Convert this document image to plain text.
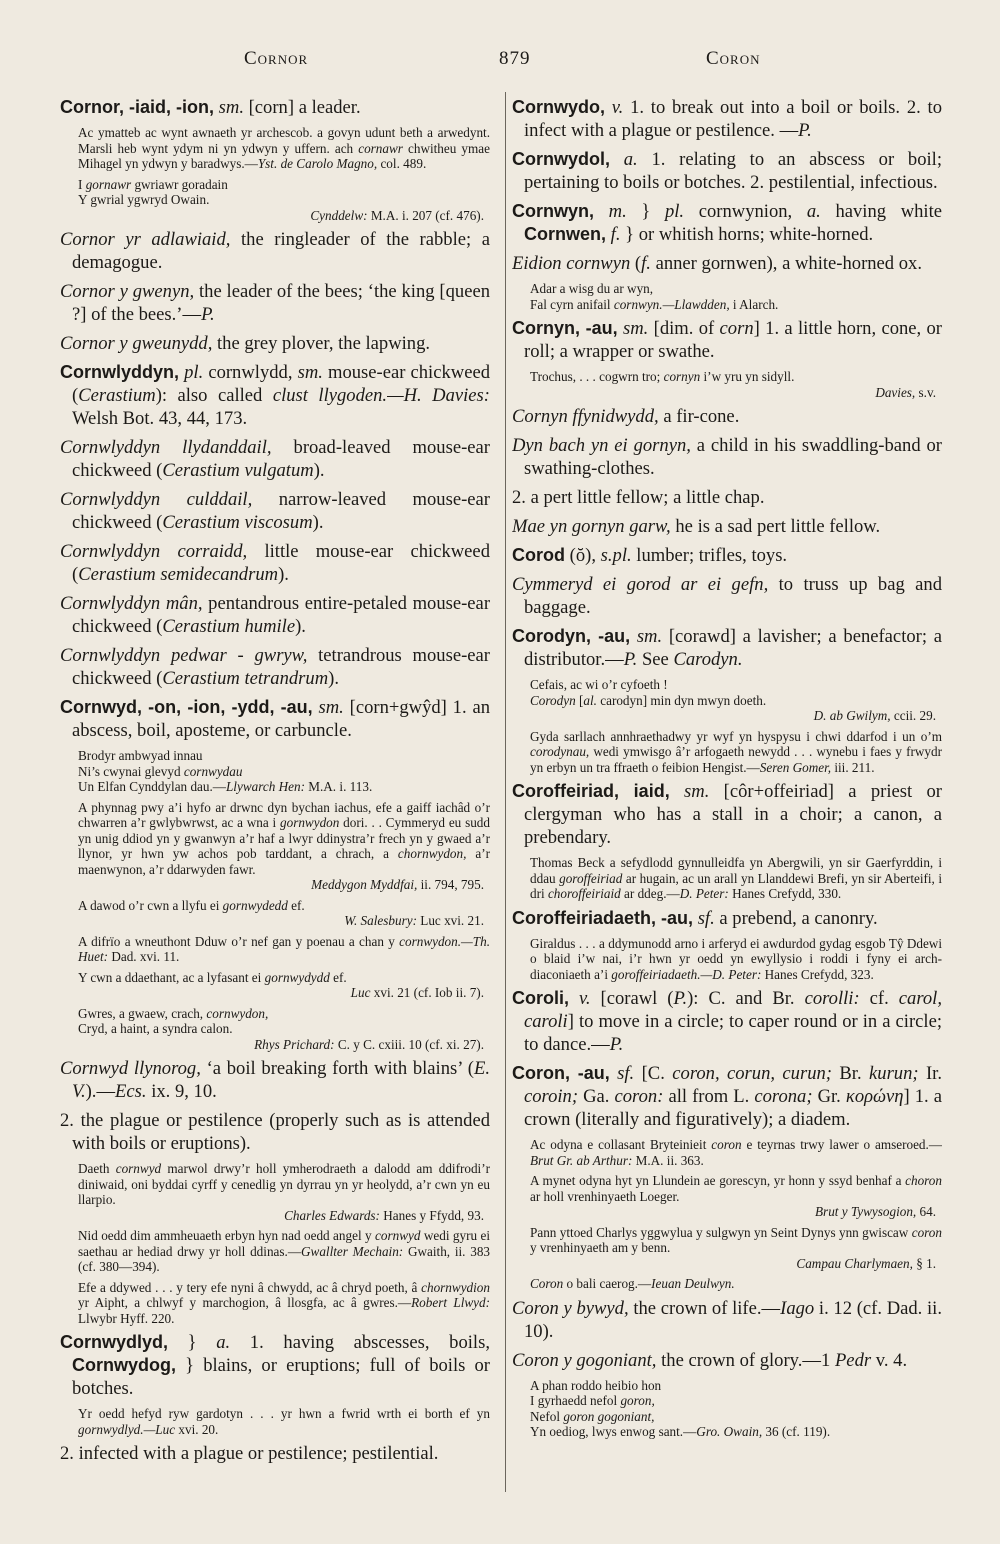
Cornor	879	Coron

Cornor, -iaid, -ion, sm. [corn] a leader.

Ac ymatteb ac wynt awnaeth yr archescob. a govyn udunt beth a arwedynt. Marsli heb wynt ydym ni yn ydwyn y uffern. ach cornawr chwitheu ymae Mihagel yn ydwyn y baradwys.—Yst. de Carolo Magno, col. 489.

I gornawr gwriawr goradain
Y gwrial ygwryd Owain.
Cynddelw: M.A. i. 207 (cf. 476).

Cornor yr adlawiaid, the ringleader of the rabble; a demagogue.

Cornor y gwenyn, the leader of the bees; ‘the king [queen ?] of the bees.’—P.

Cornor y gweunydd, the grey plover, the lapwing.

Cornwlyddyn, pl. cornwlydd, sm. mouse-ear chickweed (Cerastium): also called clust llygoden.—H. Davies: Welsh Bot. 43, 44, 173.

Cornwlyddyn llydanddail, broad-leaved mouse-ear chickweed (Cerastium vulgatum).

Cornwlyddyn culddail, narrow-leaved mouse-ear chickweed (Cerastium viscosum).

Cornwlyddyn corraidd, little mouse-ear chickweed (Cerastium semidecandrum).

Cornwlyddyn mân, pentandrous entire-petaled mouse-ear chickweed (Cerastium humile).

Cornwlyddyn pedwar - gwryw, tetrandrous mouse-ear chickweed (Cerastium tetrandrum).

Cornwyd, -on, -ion, -ydd, -au, sm. [corn+gwŷd] 1. an abscess, boil, aposteme, or carbuncle.

Brodyr ambwyad innau
Ni’s cwynai glevyd cornwydau
Un Elfan Cynddylan dau.—Llywarch Hen: M.A. i. 113.

A phynnag pwy a’i hyfo ar drwnc dyn bychan iachus, efe a gaiff iachâd o’r chwarren a’r gwlybwrwst, ac a wna i gornwydon dori. . . Cymmeryd eu sudd yn unig ddiod yn y gwanwyn a’r haf a lwyr ddinystra’r frech yn y gwaed a’r llynor, yr hwn yw achos pob tarddant, a chrach, a chornwydon, a’r maenwynon, a’r ddarwyden fawr.
Meddygon Myddfai, ii. 794, 795.

A dawod o’r cwn a llyfu ei gornwydedd ef.
W. Salesbury: Luc xvi. 21.

A difrïo a wneuthont Dduw o’r nef gan y poenau a chan y cornwydon.—Th. Huet: Dad. xvi. 11.

Y cwn a ddaethant, ac a lyfasant ei gornwydydd ef.
Luc xvi. 21 (cf. Iob ii. 7).

Gwres, a gwaew, crach, cornwydon,
Cryd, a haint, a syndra calon.
Rhys Prichard: C. y C. cxiii. 10 (cf. xi. 27).

Cornwyd llynorog, ‘a boil breaking forth with blains’ (E. V.).—Ecs. ix. 9, 10.

2. the plague or pestilence (properly such as is attended with boils or eruptions).

Daeth cornwyd marwol drwy’r holl ymherodraeth a dalodd am ddifrodi’r diniwaid, oni byddai cyrff y cenedlig yn dyrrau yn yr heolydd, a’r cwn yn eu llarpio.
Charles Edwards: Hanes y Ffydd, 93.

Nid oedd dim ammheuaeth erbyn hyn nad oedd angel y cornwyd wedi gyru ei saethau ar hediad drwy yr holl ddinas.—Gwallter Mechain: Gwaith, ii. 383 (cf. 380—394).

Efe a ddywed . . . y tery efe nyni â chwydd, ac â chryd poeth, â chornwydion yr Aipht, a chlwyf y marchogion, â llosgfa, ac â gwres.—Robert Llwyd: Llwybr Hyff. 220.

Cornwydlyd, } a. 1. having abscesses, boils, Cornwydog, } blains, or eruptions; full of boils or botches.

Yr oedd hefyd ryw gardotyn . . . yr hwn a fwrid wrth ei borth ef yn gornwydlyd.—Luc xvi. 20.

2. infected with a plague or pestilence; pestilential.

Cornwydo, v. 1. to break out into a boil or boils. 2. to infect with a plague or pestilence. —P.

Cornwydol, a. 1. relating to an abscess or boil; pertaining to boils or botches. 2. pestilential, infectious.

Cornwyn, m. } pl. cornwynion, a. having white Cornwen, f. } or whitish horns; white-horned.

Eidion cornwyn (f. anner gornwen), a white-horned ox.

Adar a wisg du ar wyn,
Fal cyrn anifail cornwyn.—Llawdden, i Alarch.

Cornyn, -au, sm. [dim. of corn] 1. a little horn, cone, or roll; a wrapper or swathe.

Trochus, . . . cogwrn tro; cornyn i’w yru yn sidyll.
Davies, s.v.

Cornyn ffynidwydd, a fir-cone.

Dyn bach yn ei gornyn, a child in his swaddling-band or swathing-clothes.

2. a pert little fellow; a little chap.

Mae yn gornyn garw, he is a sad pert little fellow.

Corod (ŏ), s.pl. lumber; trifles, toys.

Cymmeryd ei gorod ar ei gefn, to truss up bag and baggage.

Corodyn, -au, sm. [corawd] a lavisher; a benefactor; a distributor.—P. See Carodyn.

Cefais, ac wi o’r cyfoeth !
Corodyn [al. carodyn] min dyn mwyn doeth.
D. ab Gwilym, ccii. 29.

Gyda sarllach annhraethadwy yr wyf yn hyspysu i chwi ddarfod i un o’m corodynau, wedi ymwisgo â’r arfogaeth newydd . . . wynebu i faes y frwydr yn erbyn un tra ffraeth o feibion Hengist.—Seren Gomer, iii. 211.

Coroffeiriad, iaid, sm. [côr+offeiriad] a priest or clergyman who has a stall in a choir; a canon, a prebendary.

Thomas Beck a sefydlodd gynnulleidfa yn Abergwili, yn sir Gaerfyrddin, i ddau goroffeiriad ar hugain, ac un arall yn Llanddewi Brefi, yn sir Aberteifi, i dri choroffeiriaid ar ddeg.—D. Peter: Hanes Crefydd, 330.

Coroffeiriadaeth, -au, sf. a prebend, a canonry.

Giraldus . . . a ddymunodd arno i arferyd ei awdurdod gydag esgob Tŷ Ddewi o blaid i’w nai, i’r hwn yr oedd yn ewyllysio i roddi i fyny ei arch-diaconiaeth a’i goroffeiriadaeth.—D. Peter: Hanes Crefydd, 323.

Coroli, v. [corawl (P.): C. and Br. corolli: cf. carol, caroli] to move in a circle; to caper round or in a circle; to dance.—P.

Coron, -au, sf. [C. coron, corun, curun; Br. kurun; Ir. coroin; Ga. coron: all from L. corona; Gr. κορώνη] 1. a crown (literally and figuratively); a diadem.

Ac odyna e collasant Bryteinieit coron e teyrnas trwy lawer o amseroed.—Brut Gr. ab Arthur: M.A. ii. 363.

A mynet odyna hyt yn Llundein ae gorescyn, yr honn y ssyd benhaf a choron ar holl vrenhinyaeth Loeger.
Brut y Tywysogion, 64.

Pann yttoed Charlys yggwylua y sulgwyn yn Seint Dynys ynn gwiscaw coron y vrenhinyaeth am y benn.
Campau Charlymaen, § 1.

Coron o bali caerog.—Ieuan Deulwyn.

Coron y bywyd, the crown of life.—Iago i. 12 (cf. Dad. ii. 10).

Coron y gogoniant, the crown of glory.—1 Pedr v. 4.

A phan roddo heibio hon
I gyrhaedd nefol goron,
Nefol goron gogoniant,
Yn oediog, lwys enwog sant.—Gro. Owain, 36 (cf. 119).
